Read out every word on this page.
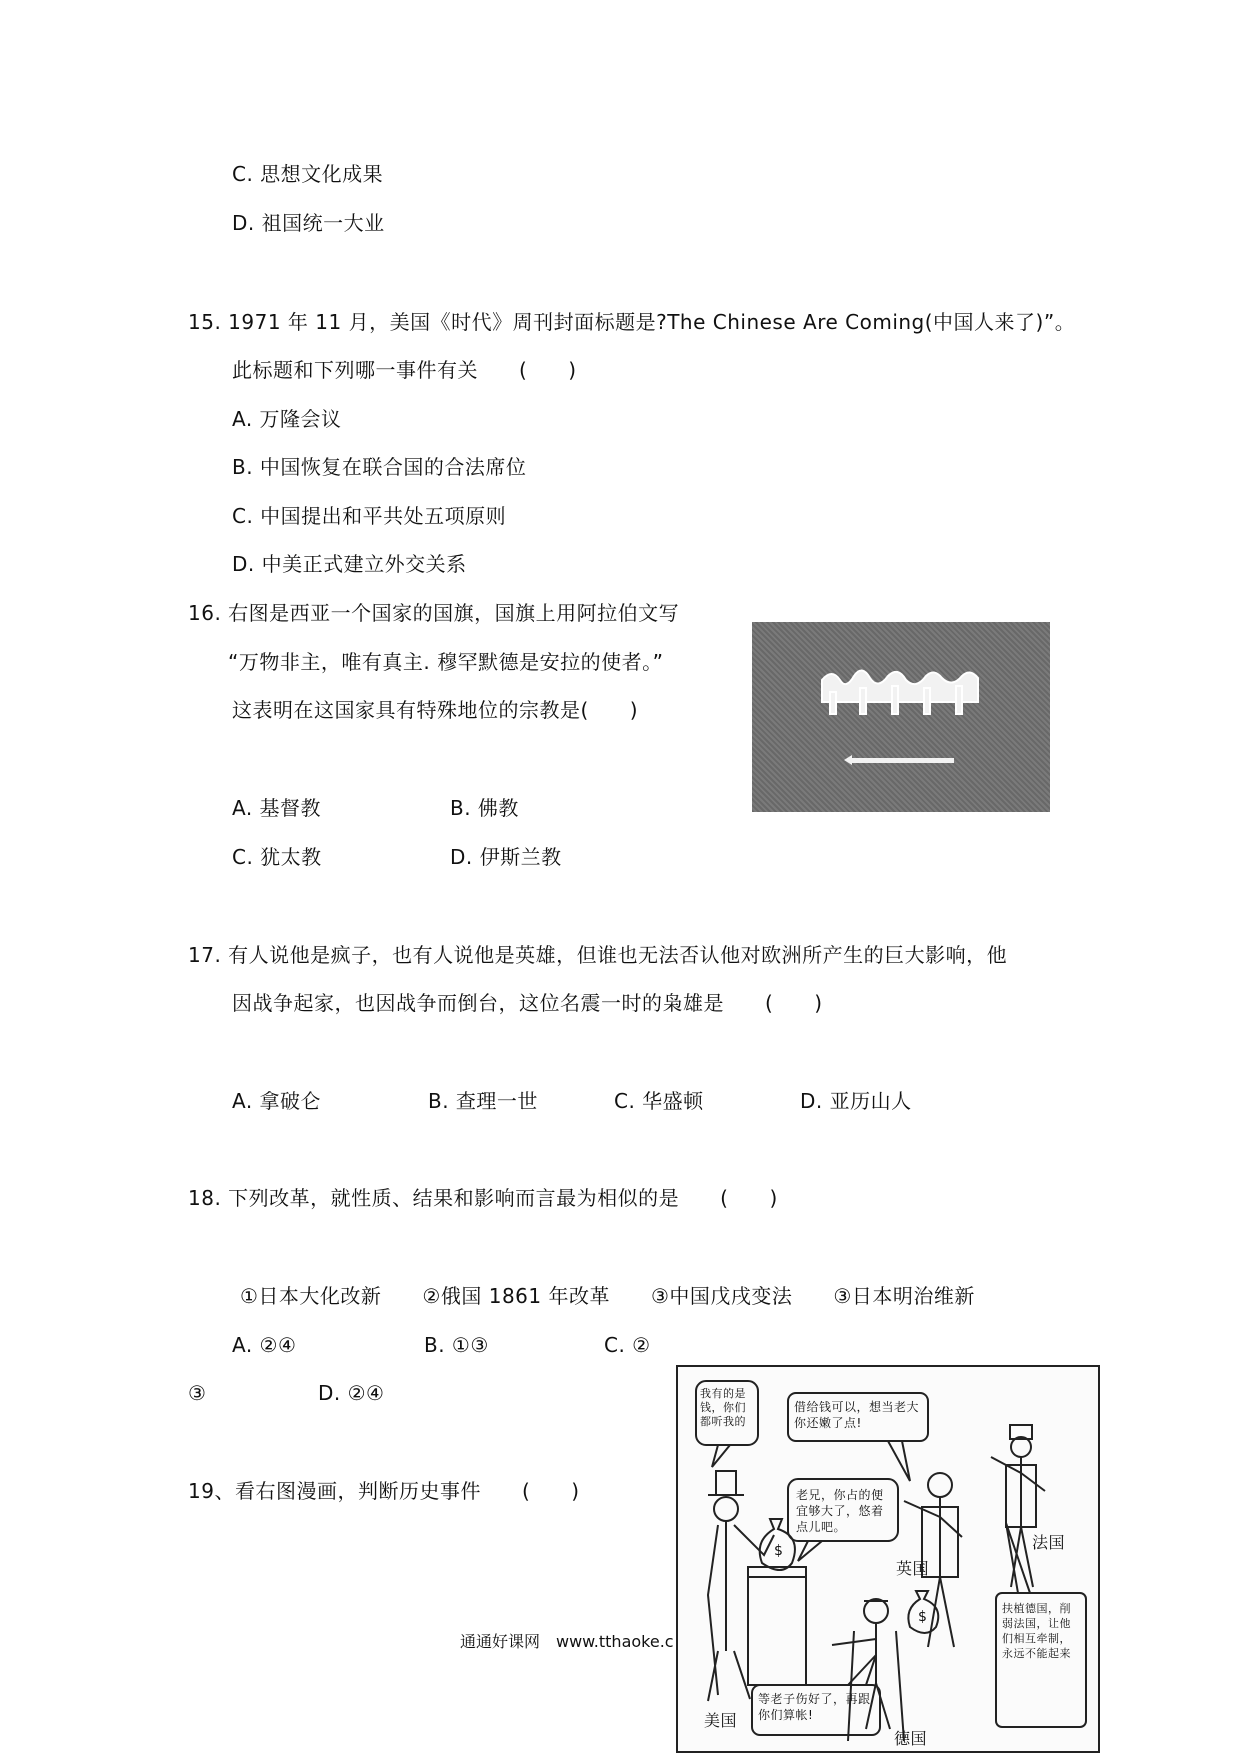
C. 思想文化成果
D. 祖国统一大业
15. 1971 年 11 月，美国《时代》周刊封面标题是?The Chinese Are Coming(中国人来了)”。
此标题和下列哪一事件有关　　(　　)
A. 万隆会议
B. 中国恢复在联合国的合法席位
C. 中国提出和平共处五项原则
D. 中美正式建立外交关系
16. 右图是西亚一个国家的国旗，国旗上用阿拉伯文写
“万物非主，唯有真主. 穆罕默德是安拉的使者。”
这表明在这国家具有特殊地位的宗教是(　　)
A. 基督教	B. 佛教
C. 犹太教	D. 伊斯兰教
17. 有人说他是疯子，也有人说他是英雄，但谁也无法否认他对欧洲所产生的巨大影响，他
因战争起家，也因战争而倒台，这位名震一时的枭雄是　　(　　)
A. 拿破仑	B. 查理一世	C. 华盛顿	D. 亚历山人
18. 下列改革，就性质、结果和影响而言最为相似的是　　(　　)
①日本大化改新　　②俄国 1861 年改革　　③中国戊戌变法　　③日本明治维新
A. ②④	B. ①③	C. ②
③	D. ②④
19、看右图漫画，判断历史事件　　(　　)
我有的是钱，你们都听我的
借给钱可以，想当老大你还嫩了点!
老兄，你占的便宜够大了，悠着点儿吧。
等老子伤好了，再跟你们算帐!
扶植德国，削弱法国，让他们相互牵制，永远不能起来
美国
英国
法国
德国
$
$
通通好课网　www.tthaoke.c
